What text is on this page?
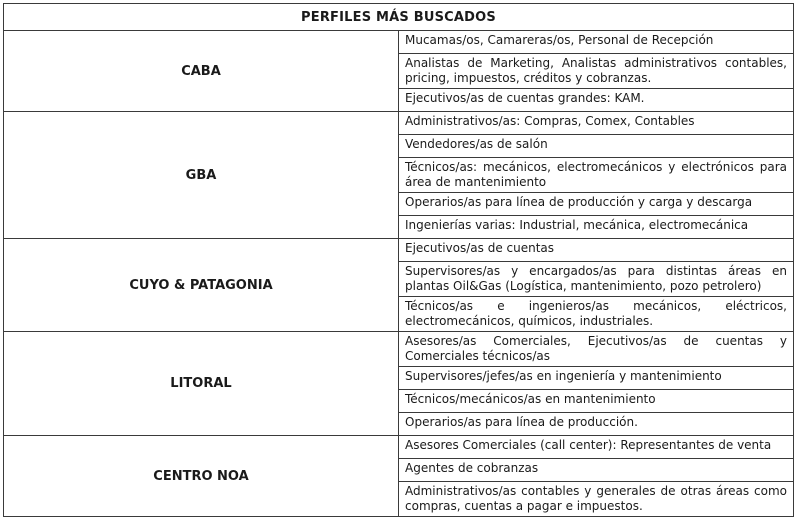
PERFILES MÁS BUSCADOS	
CABA	Mucamas/os, Camareras/os, Personal de Recepción
	Analistas de Marketing, Analistas administrativos contables, pricing, impuestos, créditos y cobranzas.
	Ejecutivos/as de cuentas grandes: KAM.
GBA	Administrativos/as: Compras, Comex, Contables
	Vendedores/as de salón
	Técnicos/as: mecánicos, electromecánicos y electrónicos para área de mantenimiento
	Operarios/as para línea de producción y carga y descarga
	Ingenierías varias: Industrial, mecánica, electromecánica
CUYO & PATAGONIA	Ejecutivos/as de cuentas
	Supervisores/as y encargados/as para distintas áreas en plantas Oil&Gas (Logística, mantenimiento, pozo petrolero)
	Técnicos/as e ingenieros/as mecánicos, eléctricos, electromecánicos, químicos, industriales.
LITORAL	Asesores/as Comerciales, Ejecutivos/as de cuentas y Comerciales técnicos/as
	Supervisores/jefes/as en ingeniería y mantenimiento
	Técnicos/mecánicos/as en mantenimiento
	Operarios/as para línea de producción.
CENTRO NOA	Asesores Comerciales (call center): Representantes de venta
	Agentes de cobranzas
	Administrativos/as contables y generales de otras áreas como compras, cuentas a pagar e impuestos.
